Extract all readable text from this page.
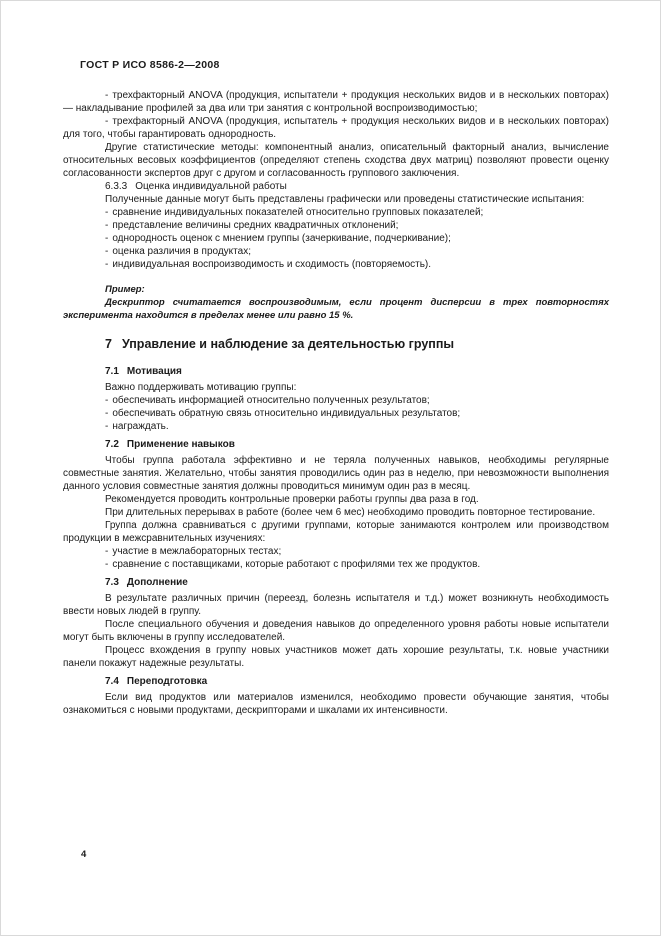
ГОСТ Р ИСО 8586-2—2008

- трехфакторный ANOVA (продукция, испытатели + продукция нескольких видов и в нескольких повторах) — накладывание профилей за два или три занятия с контрольной воспроизводимостью;

- трехфакторный ANOVA (продукция, испытатель + продукция нескольких видов и в нескольких повторах) для того, чтобы гарантировать однородность.

Другие статистические методы: компонентный анализ, описательный факторный анализ, вычисление относительных весовых коэффициентов (определяют степень сходства двух матриц) позволяют провести оценку согласованности экспертов друг с другом и согласованность группового заключения.

6.3.3 Оценка индивидуальной работы

Полученные данные могут быть представлены графически или проведены статистические испытания:

- сравнение индивидуальных показателей относительно групповых показателей;

- представление величины средних квадратичных отклонений;

- однородность оценок с мнением группы (зачеркивание, подчеркивание);

- оценка различия в продуктах;

- индивидуальная воспроизводимость и сходимость (повторяемость).

Пример:

Дескриптор считатается воспроизводимым, если процент дисперсии в трех повторностях эксперимента находится в пределах менее или равно 15 %.

7 Управление и наблюдение за деятельностью группы

7.1 Мотивация

Важно поддерживать мотивацию группы:

- обеспечивать информацией относительно полученных результатов;

- обеспечивать обратную связь относительно индивидуальных результатов;

- награждать.

7.2 Применение навыков

Чтобы группа работала эффективно и не теряла полученных навыков, необходимы регулярные совместные занятия. Желательно, чтобы занятия проводились один раз в неделю, при невозможности выполнения данного условия совместные занятия должны проводиться минимум один раз в месяц.

Рекомендуется проводить контрольные проверки работы группы два раза в год.

При длительных перерывах в работе (более чем 6 мес) необходимо проводить повторное тестирование.

Группа должна сравниваться с другими группами, которые занимаются контролем или производством продукции в межсравнительных изучениях:

- участие в межлабораторных тестах;

- сравнение с поставщиками, которые работают с профилями тех же продуктов.

7.3 Дополнение

В результате различных причин (переезд, болезнь испытателя и т.д.) может возникнуть необходимость ввести новых людей в группу.

После специального обучения и доведения навыков до определенного уровня работы новые испытатели могут быть включены в группу исследователей.

Процесс вхождения в группу новых участников может дать хорошие результаты, т.к. новые участники панели покажут надежные результаты.

7.4 Переподготовка

Если вид продуктов или материалов изменился, необходимо провести обучающие занятия, чтобы ознакомиться с новыми продуктами, дескрипторами и шкалами их интенсивности.

4
